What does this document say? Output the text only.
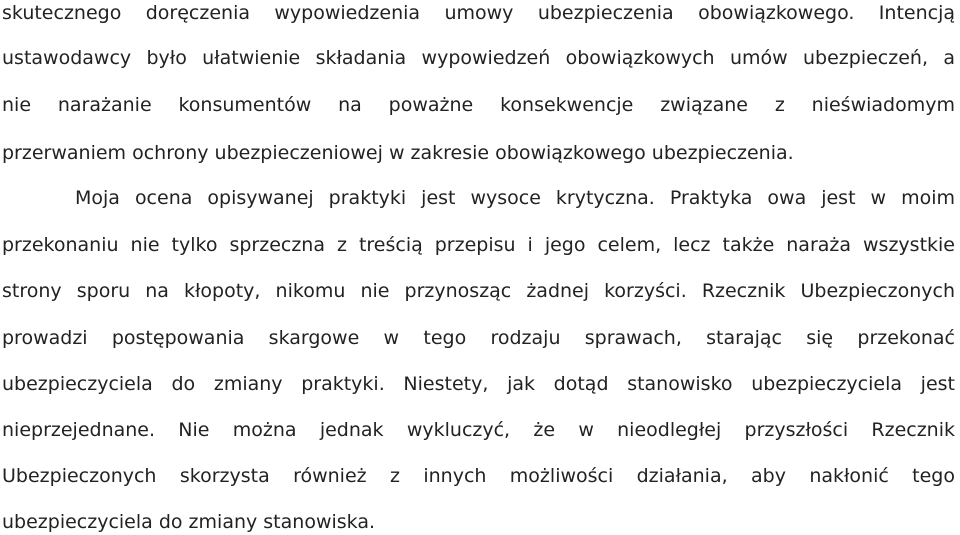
skutecznego doręczenia wypowiedzenia umowy ubezpieczenia obowiązkowego. Intencją
ustawodawcy było ułatwienie składania wypowiedzeń obowiązkowych umów ubezpieczeń, a
nie narażanie konsumentów na poważne konsekwencje związane z nieświadomym
przerwaniem ochrony ubezpieczeniowej w zakresie obowiązkowego ubezpieczenia.
Moja ocena opisywanej praktyki jest wysoce krytyczna. Praktyka owa jest w moim
przekonaniu nie tylko sprzeczna z treścią przepisu i jego celem, lecz także naraża wszystkie
strony sporu na kłopoty, nikomu nie przynosząc żadnej korzyści. Rzecznik Ubezpieczonych
prowadzi postępowania skargowe w tego rodzaju sprawach, starając się przekonać
ubezpieczyciela do zmiany praktyki. Niestety, jak dotąd stanowisko ubezpieczyciela jest
nieprzejednane. Nie można jednak wykluczyć, że w nieodległej przyszłości Rzecznik
Ubezpieczonych skorzysta również z innych możliwości działania, aby nakłonić tego
ubezpieczyciela do zmiany stanowiska.
